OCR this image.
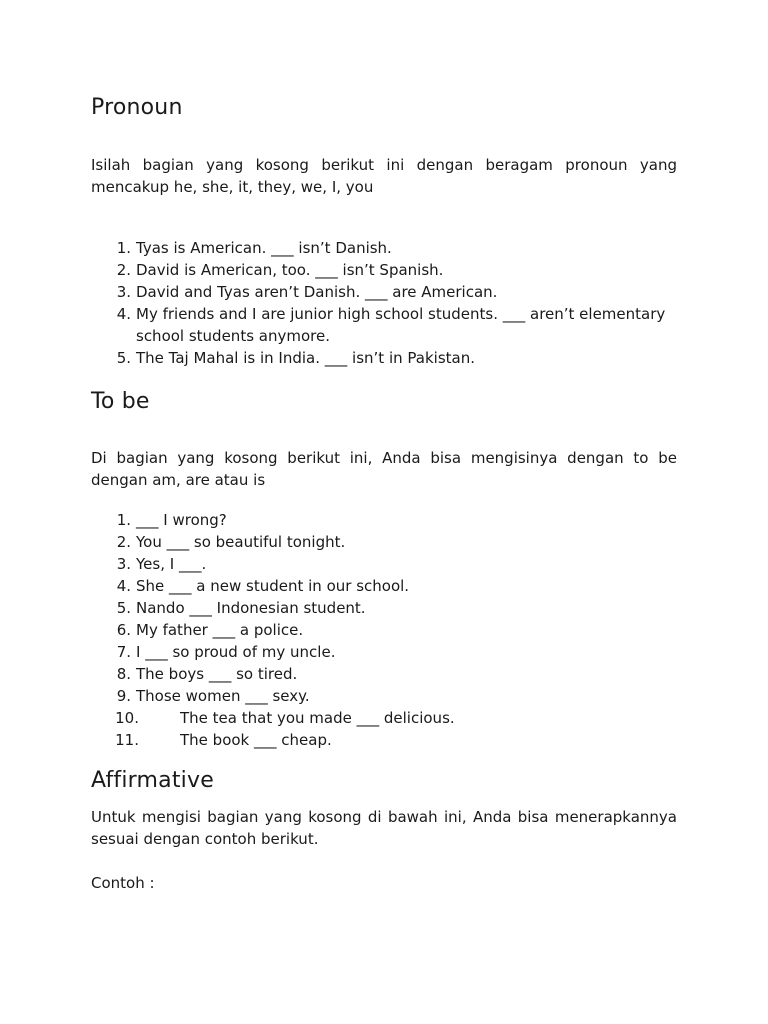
Pronoun

Isilah bagian yang kosong berikut ini dengan beragam pronoun yang mencakup he, she, it, they, we, I, you

1. Tyas is American. ___ isn’t Danish.
2. David is American, too. ___ isn’t Spanish.
3. David and Tyas aren’t Danish. ___ are American.
4. My friends and I are junior high school students. ___ aren’t elementary school students anymore.
5. The Taj Mahal is in India. ___ isn’t in Pakistan.
To be

Di bagian yang kosong berikut ini, Anda bisa mengisinya dengan to be dengan am, are atau is

1. ___ I wrong?
2. You ___ so beautiful tonight.
3. Yes, I ___.
4. She ___ a new student in our school.
5. Nando ___ Indonesian student.
6. My father ___ a police.
7. I ___ so proud of my uncle.
8. The boys ___ so tired.
9. Those women ___ sexy.
10.	The tea that you made ___ delicious.
11.	The book ___ cheap.
Affirmative

Untuk mengisi bagian yang kosong di bawah ini, Anda bisa menerapkannya sesuai dengan contoh berikut.

Contoh :
